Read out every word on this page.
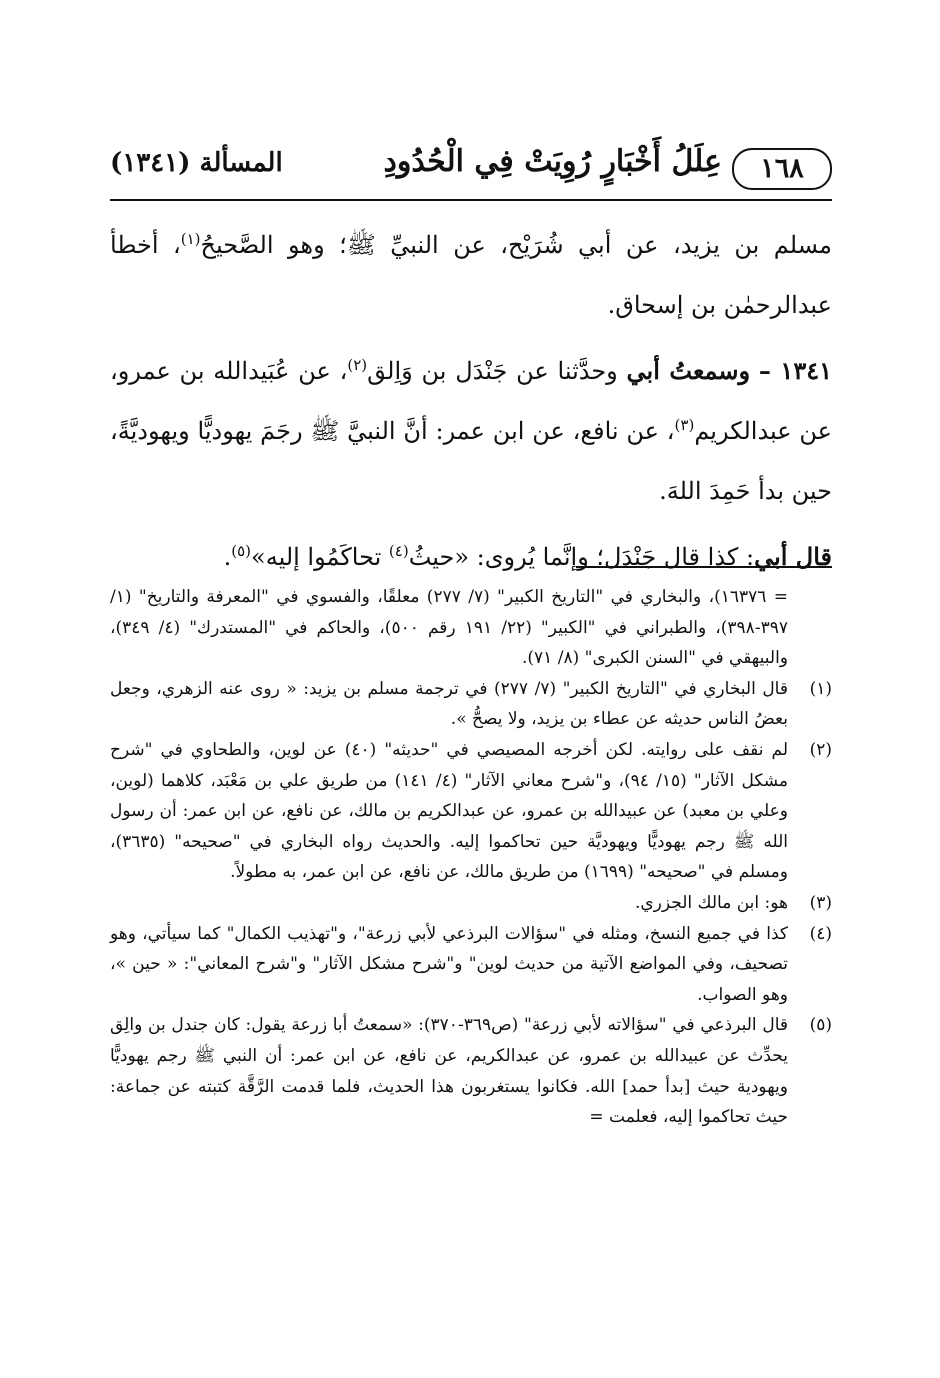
١٦٨
عِلَلُ أَخْبَارٍ رُوِيَتْ فِي الْحُدُودِ
المسألة (١٣٤١)

مسلم بن يزيد، عن أبي شُرَيْح، عن النبيِّ ﷺ؛ وهو الصَّحيحُ$^{(١)}$، أخطأ عبدالرحمٰن بن إسحاق.

١٣٤١ – وسمعتُ أبي وحدَّثنا عن جَنْدَل بن وَاِلق$^{(٢)}$، عن عُبَيدالله بن عمرو، عن عبدالكريم$^{(٣)}$، عن نافع، عن ابن عمر: أنَّ النبيَّ ﷺ رجَمَ يهوديًّا ويهوديَّةً، حين بدأ حَمِدَ اللهَ.

قال أبي: كذا قال جَنْدَل؛ وإنَّما يُروى: «حيثُ$^{(٤)}$ تحاكَمُوا إليه»$^{(٥)}$.

= ١٦٣٧٦)، والبخاري في "التاريخ الكبير" (٧/ ٢٧٧) معلقًا، والفسوي في "المعرفة والتاريخ" (١/ ٣٩٧-٣٩٨)، والطبراني في "الكبير" (٢٢/ ١٩١ رقم ٥٠٠)، والحاكم في "المستدرك" (٤/ ٣٤٩)، والبيهقي في "السنن الكبرى" (٨/ ٧١).
(١)
قال البخاري في "التاريخ الكبير" (٧/ ٢٧٧) في ترجمة مسلم بن يزيد: « روى عنه الزهري، وجعل بعضُ الناس حديثه عن عطاء بن يزيد، ولا يصحُّ ».
(٢)
لم نقف على روايته. لكن أخرجه المصيصي في "حديثه" (٤٠) عن لوين، والطحاوي في "شرح مشكل الآثار" (١٥/ ٩٤)، و"شرح معاني الآثار" (٤/ ١٤١) من طريق علي بن مَعْبَد، كلاهما (لوين، وعلي بن معبد) عن عبيدالله بن عمرو، عن عبدالكريم بن مالك، عن نافع، عن ابن عمر: أن رسول الله ﷺ رجم يهوديًّا ويهوديَّة حين تحاكموا إليه. والحديث رواه البخاري في "صحيحه" (٣٦٣٥)، ومسلم في "صحيحه" (١٦٩٩) من طريق مالك، عن نافع، عن ابن عمر، به مطولاً.
(٣)
هو: ابن مالك الجزري.
(٤)
كذا في جميع النسخ، ومثله في "سؤالات البرذعي لأبي زرعة"، و"تهذيب الكمال" كما سيأتي، وهو تصحيف، وفي المواضع الآتية من حديث لوين" و"شرح مشكل الآثار" و"شرح المعاني": « حين »، وهو الصواب.
(٥)
قال البرذعي في "سؤالاته لأبي زرعة" (ص٣٦٩-٣٧٠): «سمعتُ أبا زرعة يقول: كان جندل بن والِق يحدِّث عن عبيدالله بن عمرو، عن عبدالكريم، عن نافع، عن ابن عمر: أن النبي ﷺ رجم يهوديًّا ويهودية حيث [بدأ حمد] الله. فكانوا يستغربون هذا الحديث، فلما قدمت الرَّقَّة كتبته عن جماعة: حيث تحاكموا إليه، فعلمت =
